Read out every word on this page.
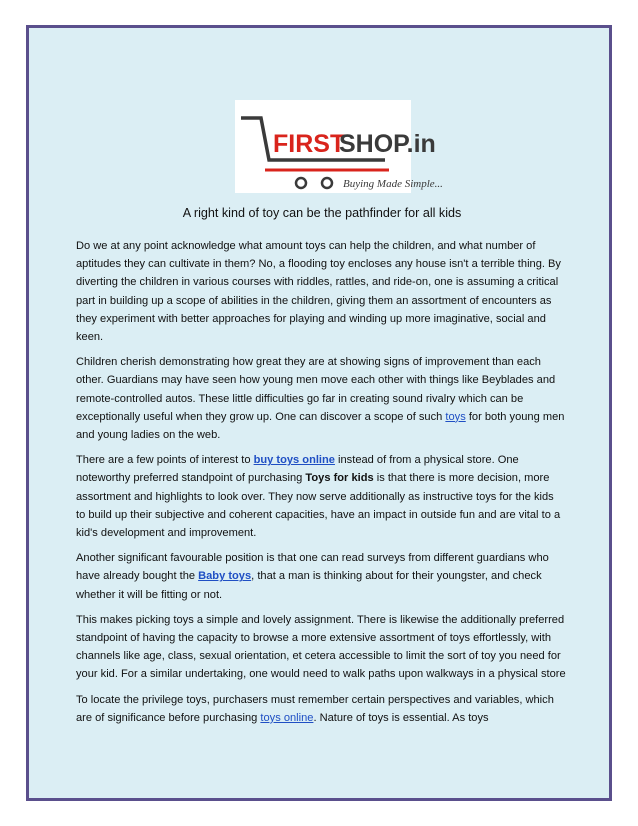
FIRST
SHOP.in
Buying Made Simple...
A right kind of toy can be the pathfinder for all kids

Do we at any point acknowledge what amount toys can help the children, and what number of aptitudes they can cultivate in them? No, a flooding toy encloses any house isn't a terrible thing. By diverting the children in various courses with riddles, rattles, and ride-on, one is assuming a critical part in building up a scope of abilities in the children, giving them an assortment of encounters as they experiment with better approaches for playing and winding up more imaginative, social and keen.

Children cherish demonstrating how great they are at showing signs of improvement than each other. Guardians may have seen how young men move each other with things like Beyblades and remote-controlled autos. These little difficulties go far in creating sound rivalry which can be exceptionally useful when they grow up. One can discover a scope of such toys for both young men and young ladies on the web.

There are a few points of interest to buy toys online instead of from a physical store. One noteworthy preferred standpoint of purchasing Toys for kids is that there is more decision, more assortment and highlights to look over. They now serve additionally as instructive toys for the kids to build up their subjective and coherent capacities, have an impact in outside fun and are vital to a kid's development and improvement.

Another significant favourable position is that one can read surveys from different guardians who have already bought the Baby toys, that a man is thinking about for their youngster, and check whether it will be fitting or not.

This makes picking toys a simple and lovely assignment. There is likewise the additionally preferred standpoint of having the capacity to browse a more extensive assortment of toys effortlessly, with channels like age, class, sexual orientation, et cetera accessible to limit the sort of toy you need for your kid. For a similar undertaking, one would need to walk paths upon walkways in a physical store

To locate the privilege toys, purchasers must remember certain perspectives and variables, which are of significance before purchasing toys online. Nature of toys is essential. As toys
